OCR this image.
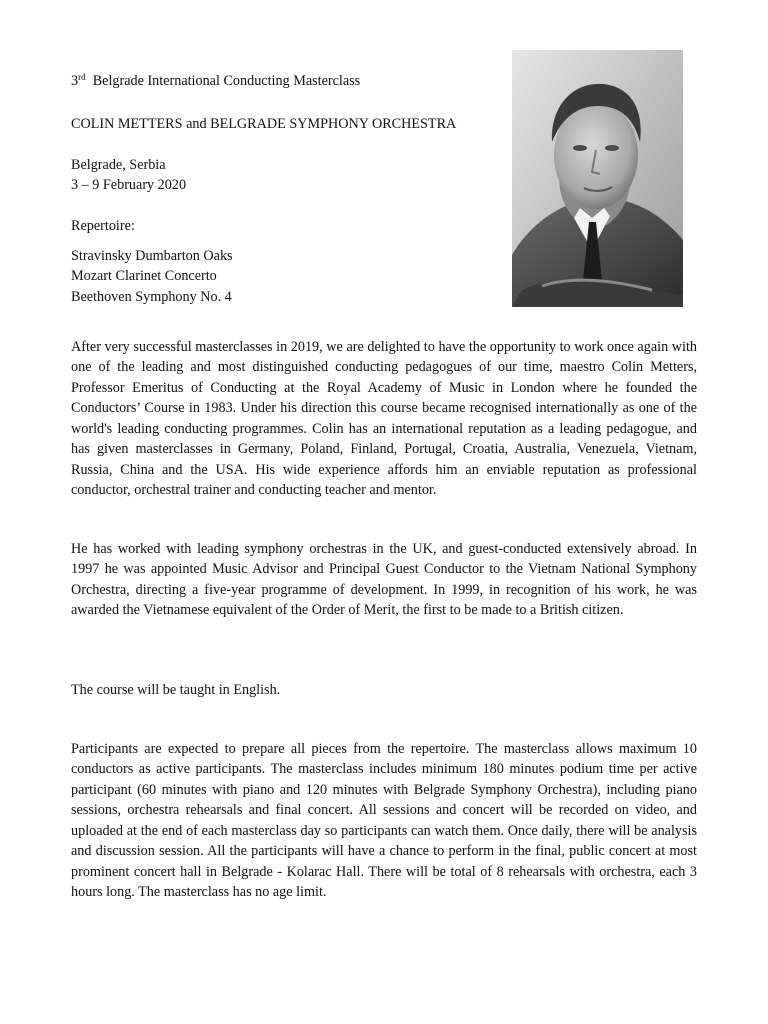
3rd Belgrade International Conducting Masterclass

COLIN METTERS and BELGRADE SYMPHONY ORCHESTRA

Belgrade, Serbia

3 – 9 February 2020

Repertoire:

Stravinsky Dumbarton Oaks

Mozart Clarinet Concerto

Beethoven Symphony No. 4

After very successful masterclasses in 2019, we are delighted to have the opportunity to work once again with one of the leading and most distinguished conducting pedagogues of our time, maestro Colin Metters, Professor Emeritus of Conducting at the Royal Academy of Music in London where he founded the Conductors’ Course in 1983. Under his direction this course became recognised internationally as one of the world's leading conducting programmes. Colin has an international reputation as a leading pedagogue, and has given masterclasses in Germany, Poland, Finland, Portugal, Croatia, Australia, Venezuela, Vietnam, Russia, China and the USA. His wide experience affords him an enviable reputation as professional conductor, orchestral trainer and conducting teacher and mentor.

He has worked with leading symphony orchestras in the UK, and guest-conducted extensively abroad. In 1997 he was appointed Music Advisor and Principal Guest Conductor to the Vietnam National Symphony Orchestra, directing a five-year programme of development. In 1999, in recognition of his work, he was awarded the Vietnamese equivalent of the Order of Merit, the first to be made to a British citizen.

The course will be taught in English.

Participants are expected to prepare all pieces from the repertoire. The masterclass allows maximum 10 conductors as active participants. The masterclass includes minimum 180 minutes podium time per active participant (60 minutes with piano and 120 minutes with Belgrade Symphony Orchestra), including piano sessions, orchestra rehearsals and final concert. All sessions and concert will be recorded on video, and uploaded at the end of each masterclass day so participants can watch them. Once daily, there will be analysis and discussion session. All the participants will have a chance to perform in the final, public concert at most prominent concert hall in Belgrade - Kolarac Hall. There will be total of 8 rehearsals with orchestra, each 3 hours long. The masterclass has no age limit.
